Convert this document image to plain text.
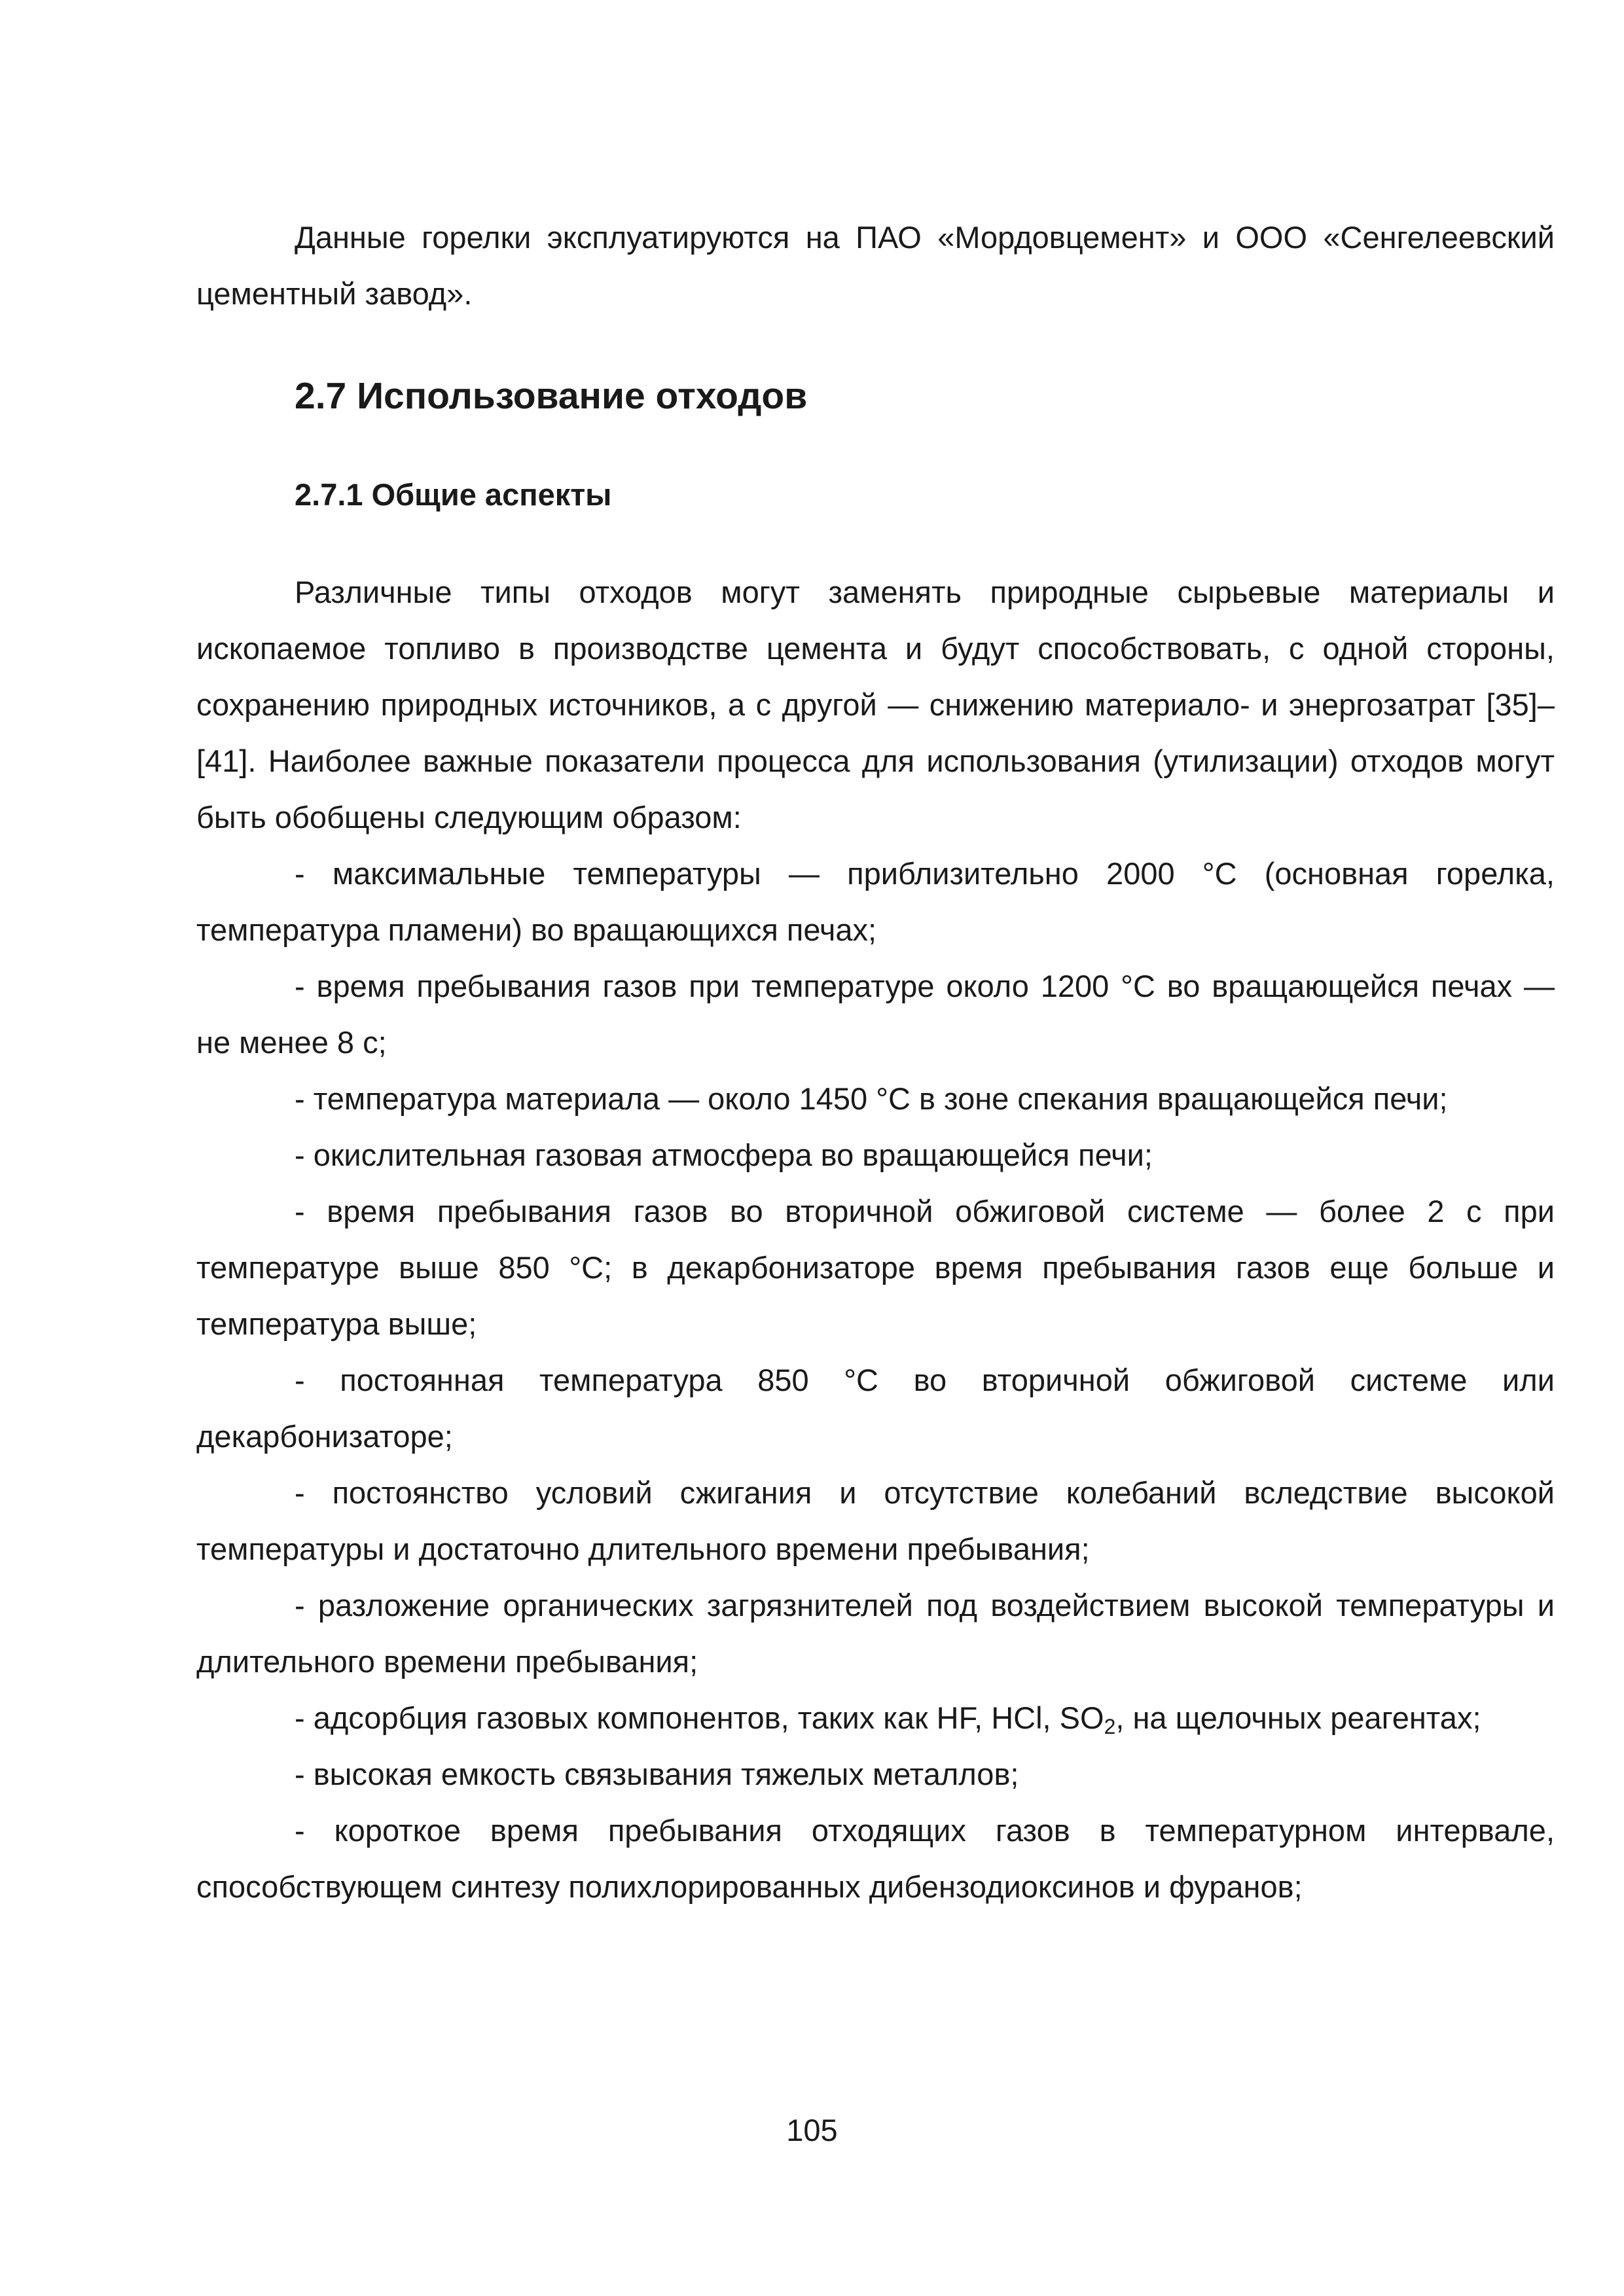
Данные горелки эксплуатируются на ПАО «Мордовцемент» и ООО «Сенгелеевский цементный завод».

2.7 Использование отходов
2.7.1 Общие аспекты

Различные типы отходов могут заменять природные сырьевые материалы и ископаемое топливо в производстве цемента и будут способствовать, с одной стороны, сохранению природных источников, а с другой — снижению материало- и энергозатрат [35]–[41]. Наиболее важные показатели процесса для использования (утилизации) отходов могут быть обобщены следующим образом:

- максимальные температуры — приблизительно 2000 °С (основная горелка, температура пламени) во вращающихся печах;

- время пребывания газов при температуре около 1200 °С во вращающейся печах — не менее 8 с;

- температура материала — около 1450 °С в зоне спекания вращающейся печи;

- окислительная газовая атмосфера во вращающейся печи;

- время пребывания газов во вторичной обжиговой системе — более 2 с при температуре выше 850 °С; в декарбонизаторе время пребывания газов еще больше и температура выше;

- постоянная температура 850 °С во вторичной обжиговой системе или декарбонизаторе;

- постоянство условий сжигания и отсутствие колебаний вследствие высокой температуры и достаточно длительного времени пребывания;

- разложение органических загрязнителей под воздействием высокой температуры и длительного времени пребывания;

- адсорбция газовых компонентов, таких как HF, HCl, $SO_2$, на щелочных реагентах;

- высокая емкость связывания тяжелых металлов;

- короткое время пребывания отходящих газов в температурном интервале, способствующем синтезу полихлорированных дибензодиоксинов и фуранов;

105
